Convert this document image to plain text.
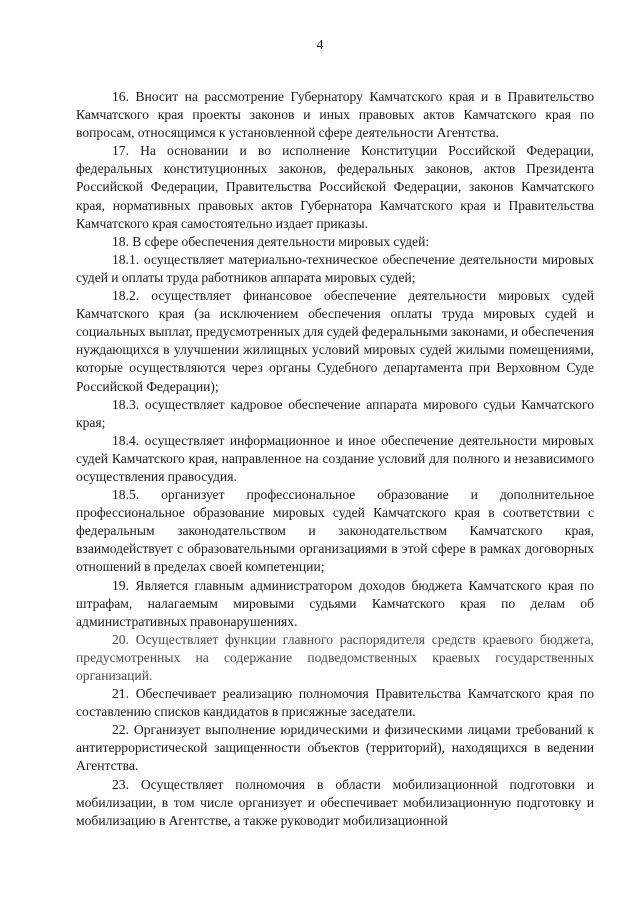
4

16. Вносит на рассмотрение Губернатору Камчатского края и в Правительство Камчатского края проекты законов и иных правовых актов Камчатского края по вопросам, относящимся к установленной сфере деятельности Агентства.

17. На основании и во исполнение Конституции Российской Федерации, федеральных конституционных законов, федеральных законов, актов Президента Российской Федерации, Правительства Российской Федерации, законов Камчатского края, нормативных правовых актов Губернатора Камчатского края и Правительства Камчатского края самостоятельно издает приказы.

18. В сфере обеспечения деятельности мировых судей:

18.1. осуществляет материально-техническое обеспечение деятельности мировых судей и оплаты труда работников аппарата мировых судей;

18.2. осуществляет финансовое обеспечение деятельности мировых судей Камчатского края (за исключением обеспечения оплаты труда мировых судей и социальных выплат, предусмотренных для судей федеральными законами, и обеспечения нуждающихся в улучшении жилищных условий мировых судей жилыми помещениями, которые осуществляются через органы Судебного департамента при Верховном Суде Российской Федерации);

18.3. осуществляет кадровое обеспечение аппарата мирового судьи Камчатского края;

18.4. осуществляет информационное и иное обеспечение деятельности мировых судей Камчатского края, направленное на создание условий для полного и независимого осуществления правосудия.

18.5. организует профессиональное образование и дополнительное профессиональное образование мировых судей Камчатского края в соответствии с федеральным законодательством и законодательством Камчатского края, взаимодействует с образовательными организациями в этой сфере в рамках договорных отношений в пределах своей компетенции;

19. Является главным администратором доходов бюджета Камчатского края по штрафам, налагаемым мировыми судьями Камчатского края по делам об административных правонарушениях.

20. Осуществляет функции главного распорядителя средств краевого бюджета, предусмотренных на содержание подведомственных краевых государственных организаций.

21. Обеспечивает реализацию полномочия Правительства Камчатского края по составлению списков кандидатов в присяжные заседатели.

22. Организует выполнение юридическими и физическими лицами требований к антитеррористической защищенности объектов (территорий), находящихся в ведении Агентства.

23. Осуществляет полномочия в области мобилизационной подготовки и мобилизации, в том числе организует и обеспечивает мобилизационную подготовку и мобилизацию в Агентстве, а также руководит мобилизационной
